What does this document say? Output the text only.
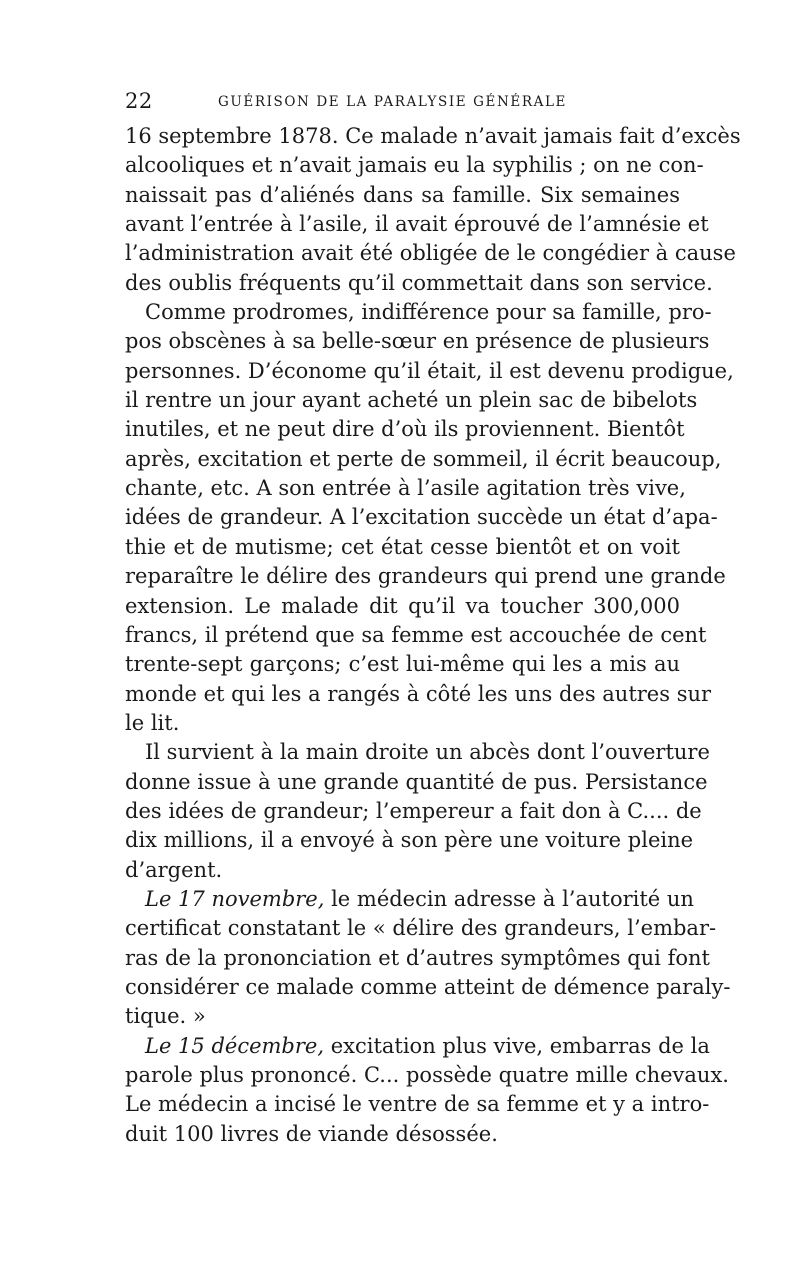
22	GUÉRISON DE LA PARALYSIE GÉNÉRALE
16 septembre 1878. Ce malade n’avait jamais fait d’excès
alcooliques et n’avait jamais eu la syphilis ; on ne con-
naissait pas d’aliénés dans sa famille. Six semaines
avant l’entrée à l’asile, il avait éprouvé de l’amnésie et
l’administration avait été obligée de le congédier à cause
des oublis fréquents qu’il commettait dans son service.
Comme prodromes, indifférence pour sa famille, pro-
pos obscènes à sa belle-sœur en présence de plusieurs
personnes. D’économe qu’il était, il est devenu prodigue,
il rentre un jour ayant acheté un plein sac de bibelots
inutiles, et ne peut dire d’où ils proviennent. Bientôt
après, excitation et perte de sommeil, il écrit beaucoup,
chante, etc. A son entrée à l’asile agitation très vive,
idées de grandeur. A l’excitation succède un état d’apa-
thie et de mutisme; cet état cesse bientôt et on voit
reparaître le délire des grandeurs qui prend une grande
extension. Le malade dit qu’il va toucher 300,000
francs, il prétend que sa femme est accouchée de cent
trente-sept garçons; c’est lui-même qui les a mis au
monde et qui les a rangés à côté les uns des autres sur
le lit.
Il survient à la main droite un abcès dont l’ouverture
donne issue à une grande quantité de pus. Persistance
des idées de grandeur; l’empereur a fait don à C.... de
dix millions, il a envoyé à son père une voiture pleine
d’argent.
Le 17 novembre, le médecin adresse à l’autorité un
certificat constatant le « délire des grandeurs, l’embar-
ras de la prononciation et d’autres symptômes qui font
considérer ce malade comme atteint de démence paraly-
tique. »
Le 15 décembre, excitation plus vive, embarras de la
parole plus prononcé. C... possède quatre mille chevaux.
Le médecin a incisé le ventre de sa femme et y a intro-
duit 100 livres de viande désossée.
